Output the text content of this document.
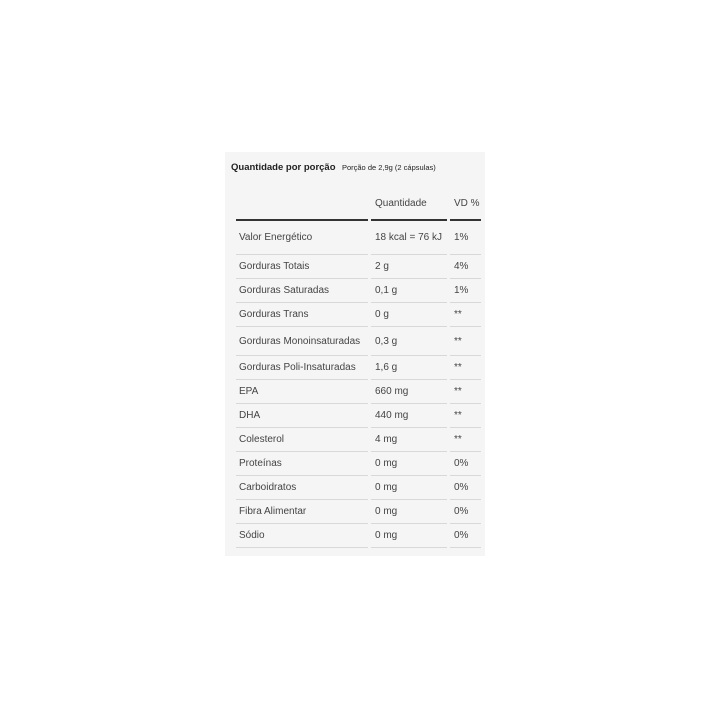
Quantidade por porção Porção de 2,9g (2 cápsulas)
	Quantidade	VD %
Valor Energético	18 kcal = 76 kJ	1%
Gorduras Totais	2 g	4%
Gorduras Saturadas	0,1 g	1%
Gorduras Trans	0 g	**
Gorduras Monoinsaturadas	0,3 g	**
Gorduras Poli-Insaturadas	1,6 g	**
EPA	660 mg	**
DHA	440 mg	**
Colesterol	4 mg	**
Proteínas	0 mg	0%
Carboidratos	0 mg	0%
Fibra Alimentar	0 mg	0%
Sódio	0 mg	0%
